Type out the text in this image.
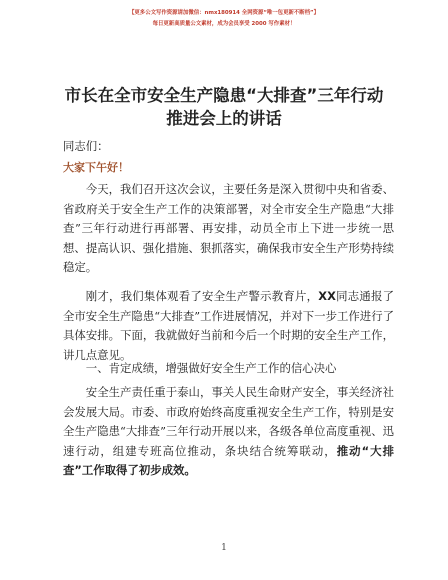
【更多公文写作资源请加微信：nmx180914 全网资源“唯一包更新不断档”】
每日更新高质量公文素材，成为会员享受 2000 写作素材！
市长在全市安全生产隐患“大排查”三年行动
推进会上的讲话
同志们：
大家下午好！
今天，我们召开这次会议，主要任务是深入贯彻中央和省委、省政府关于安全生产工作的决策部署，对全市安全生产隐患“大排查”三年行动进行再部署、再安排，动员全市上下进一步统一思想、提高认识、强化措施、狠抓落实，确保我市安全生产形势持续稳定。
刚才，我们集体观看了安全生产警示教育片，XX同志通报了全市安全生产隐患“大排查”工作进展情况，并对下一步工作进行了具体安排。下面，我就做好当前和今后一个时期的安全生产工作，讲几点意见。
一、肯定成绩，增强做好安全生产工作的信心决心
安全生产责任重于泰山，事关人民生命财产安全，事关经济社会发展大局。市委、市政府始终高度重视安全生产工作，特别是安全生产隐患“大排查”三年行动开展以来，各级各单位高度重视、迅速行动，组建专班高位推动，条块结合统筹联动，推动“大排查”工作取得了初步成效。
1
